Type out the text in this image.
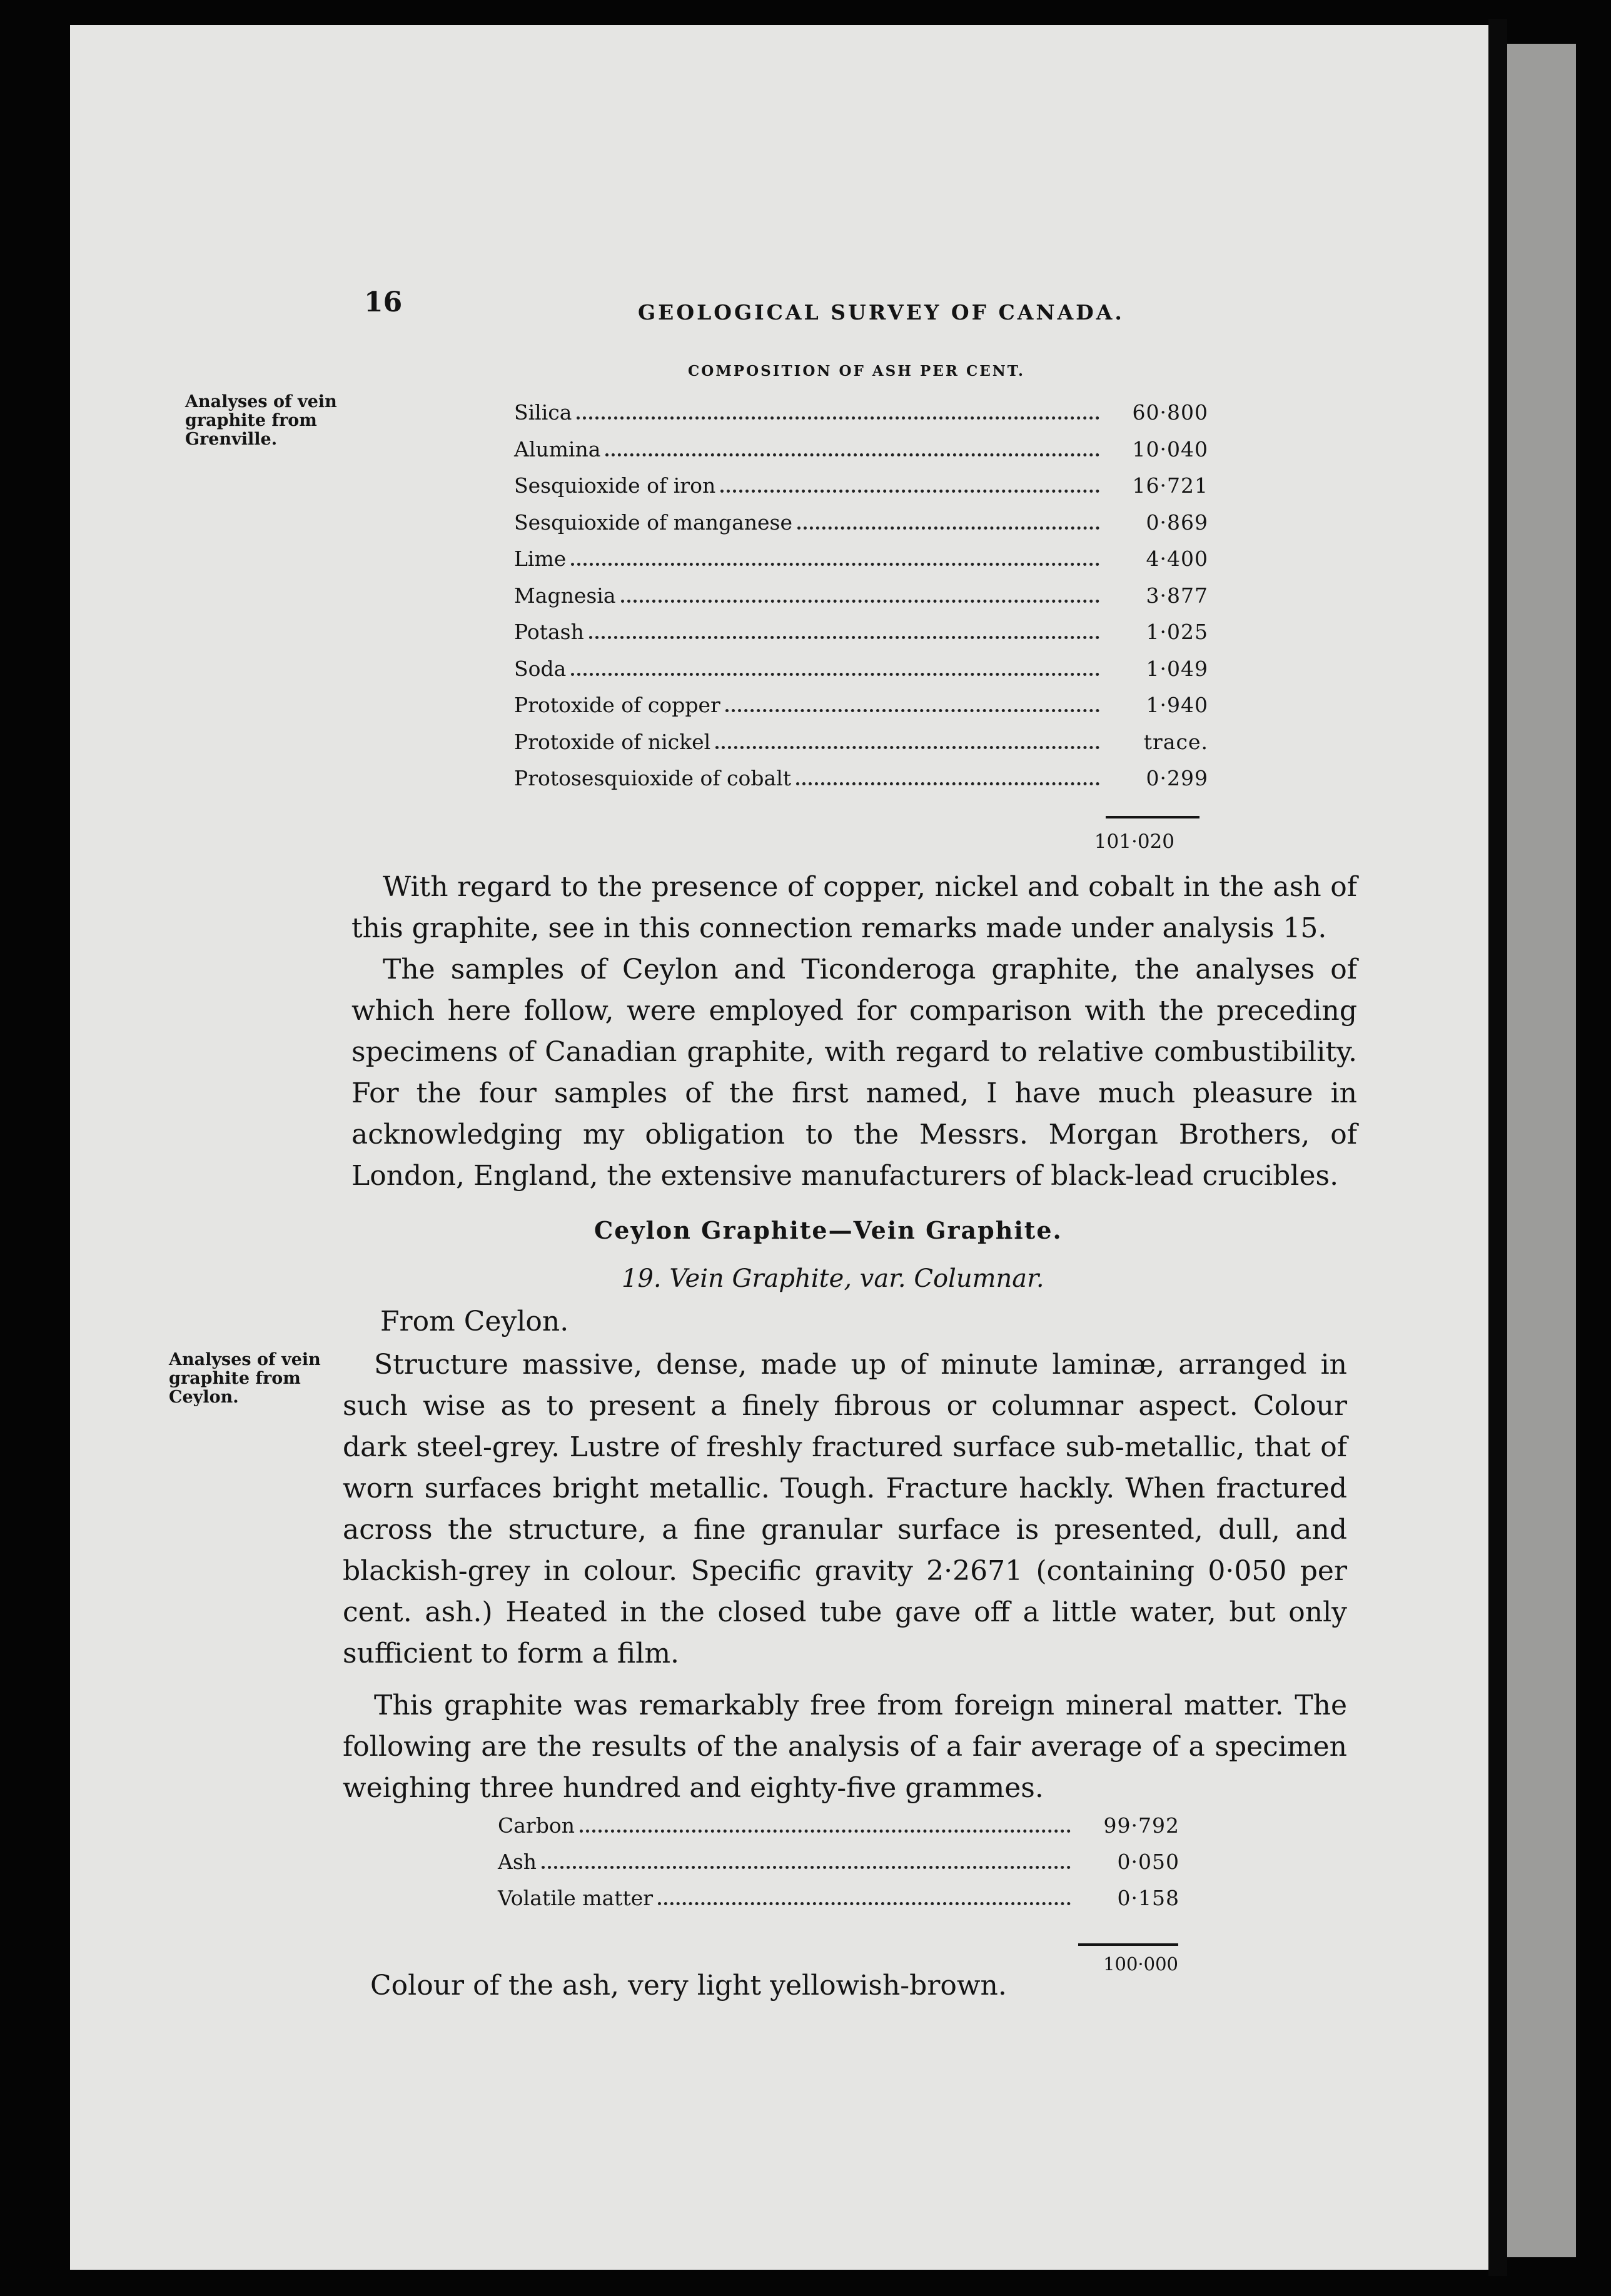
16	GEOLOGICAL SURVEY OF CANADA.
COMPOSITION OF ASH PER CENT.
Analyses of vein graphite from Grenville.
Silica	60·800
Alumina	10·040
Sesquioxide of iron	16·721
Sesquioxide of manganese	0·869
Lime	4·400
Magnesia	3·877
Potash	1·025
Soda	1·049
Protoxide of copper	1·940
Protoxide of nickel	trace.
Protosesquioxide of cobalt	0·299
101·020

With regard to the presence of copper, nickel and cobalt in the ash of this graphite, see in this connection remarks made under analysis 15.

The samples of Ceylon and Ticonderoga graphite, the analyses of which here follow, were employed for comparison with the preceding specimens of Canadian graphite, with regard to relative combustibility. For the four samples of the first named, I have much pleasure in acknowledging my obligation to the Messrs. Morgan Brothers, of London, England, the extensive manufacturers of black-lead crucibles.

Ceylon Graphite—Vein Graphite.
19. Vein Graphite, var. Columnar.
From Ceylon.
Analyses of vein graphite from Ceylon.

Structure massive, dense, made up of minute laminæ, arranged in such wise as to present a finely fibrous or columnar aspect. Colour dark steel-grey. Lustre of freshly fractured surface sub-metallic, that of worn surfaces bright metallic. Tough. Fracture hackly. When fractured across the structure, a fine granular surface is presented, dull, and blackish-grey in colour. Specific gravity 2·2671 (containing 0·050 per cent. ash.) Heated in the closed tube gave off a little water, but only sufficient to form a film.

This graphite was remarkably free from foreign mineral matter. The following are the results of the analysis of a fair average of a specimen weighing three hundred and eighty-five grammes.

Carbon	99·792
Ash	0·050
Volatile matter	0·158
100·000
Colour of the ash, very light yellowish-brown.
